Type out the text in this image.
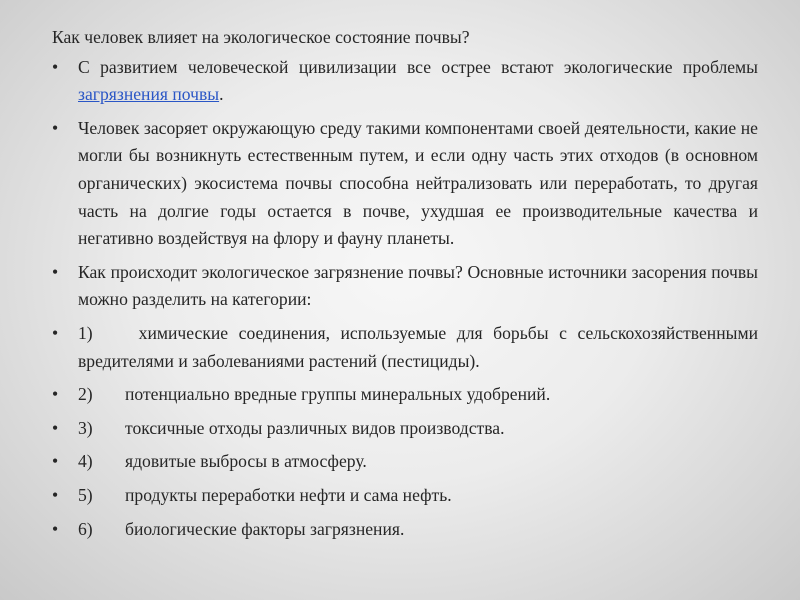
Как человек влияет на экологическое состояние почвы?
• С развитием человеческой цивилизации все острее встают экологические проблемы загрязнения почвы.
• Человек засоряет окружающую среду такими компонентами своей деятельности, какие не могли бы возникнуть естественным путем, и если одну часть этих отходов (в основном органических) экосистема почвы способна нейтрализовать или переработать, то другая часть на долгие годы остается в почве, ухудшая ее производительные качества и негативно воздействуя на флору и фауну планеты.
• Как происходит экологическое загрязнение почвы? Основные источники засорения почвы можно разделить на категории:
• 1)	химические соединения, используемые для борьбы с сельскохозяйственными вредителями и заболеваниями растений (пестициды).
• 2)	потенциально вредные группы минеральных удобрений.
• 3)	токсичные отходы различных видов производства.
• 4)	ядовитые выбросы в атмосферу.
• 5)	продукты переработки нефти и сама нефть.
• 6)	биологические факторы загрязнения.
